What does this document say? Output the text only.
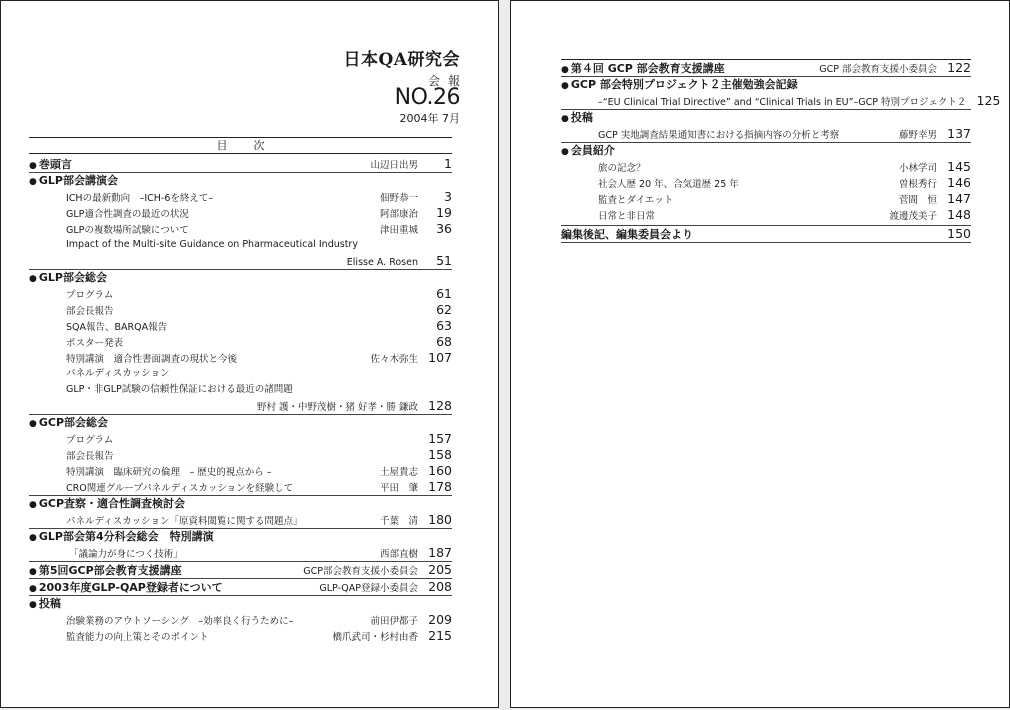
日本QA研究会
会報
NO.26
2004年 7月
目次
● 巻頭言	山辺日出男	1
● GLP部会講演会
ICHの最新動向　–ICH-6を終えて–	佃野恭一	3
GLP適合性調査の最近の状況	阿部康治	19
GLPの複数場所試験について	津田重城	36
Impact of the Multi-site Guidance on Pharmaceutical Industry
Elisse A. Rosen	51
● GLP部会総会
プログラム	61
部会長報告	62
SQA報告、BARQA報告	63
ポスター発表	68
特別講演　適合性書面調査の現状と今後	佐々木弥生 107
パネルディスカッション
GLP・非GLP試験の信頼性保証における最近の諸問題
野村 護・中野茂樹・猪 好孝・勝 鎌政 128
● GCP部会総会
プログラム	157
部会長報告	158
特別講演　臨床研究の倫理　– 歴史的視点から –	土屋貴志 160
CRO関連グループパネルディスカッションを経験して	平田　肇 178
● GCP査察・適合性調査検討会
パネルディスカッション「原資料閲覧に関する問題点」	千葉　清 180
● GLP部会第4分科会総会　特別講演
「議論力が身につく技術」	西部直樹 187
● 第5回GCP部会教育支援講座	GCP部会教育支援小委員会 205
● 2003年度GLP-QAP登録者について	GLP-QAP登録小委員会 208
● 投稿
治験業務のアウトソーシング　–効率良く行うために–	前田伊都子 209
監査能力の向上策とそのポイント	橋爪武司・杉村由香 215
● 第４回 GCP 部会教育支援講座	GCP 部会教育支援小委員会 122
● GCP 部会特別プロジェクト２主催勉強会記録
–“EU Clinical Trial Directive” and “Clinical Trials in EU”– GCP 特別プロジェクト２ 125
● 投稿
GCP 実地調査結果通知書における指摘内容の分析と考察	藤野幸男 137
● 会員紹介
旅の記念？	小林学司 145
社会人歴 20 年、合気道歴 25 年	曽根秀行 146
監査とダイエット	菅間　恒 147
日常と非日常	渡邊茂美子 148
編集後記、編集委員会より	150
